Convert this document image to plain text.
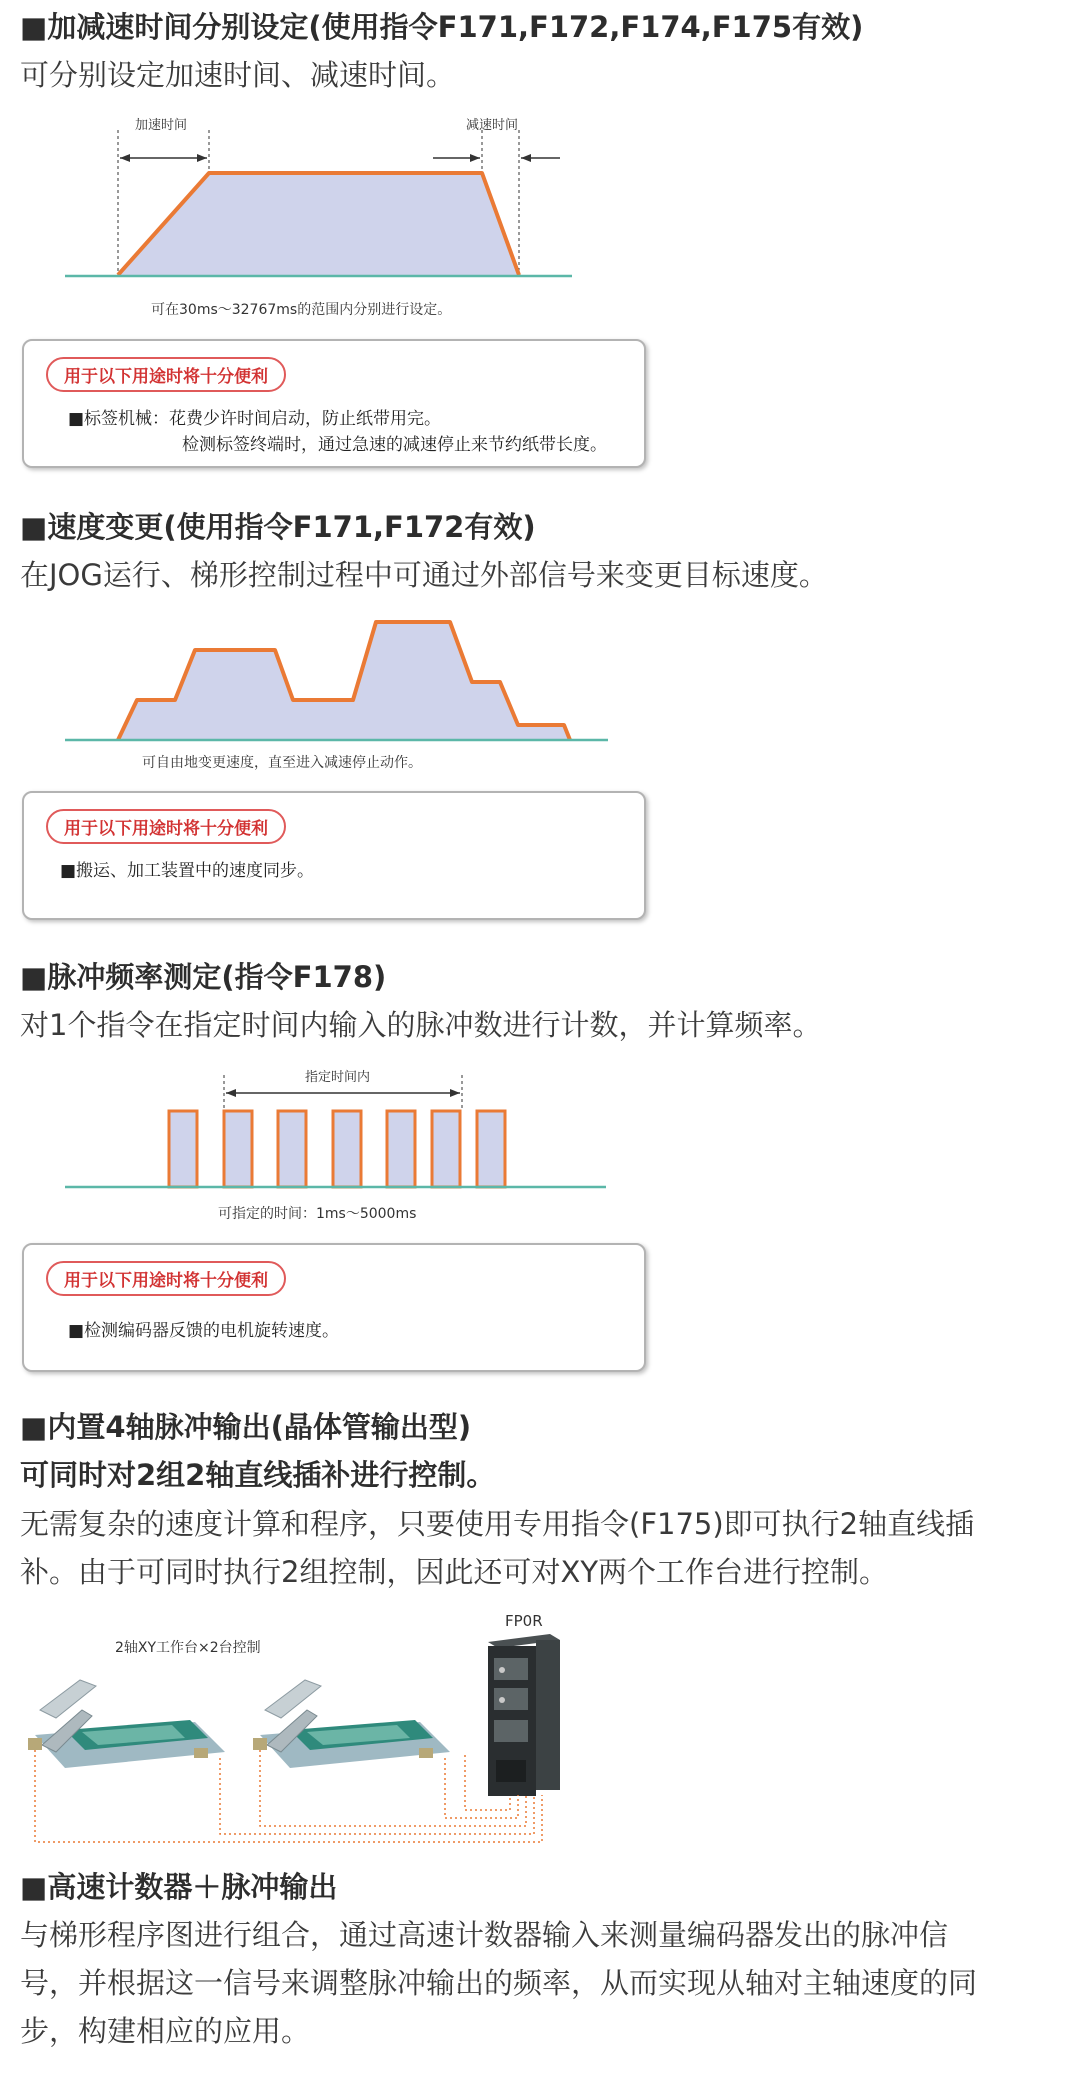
■加减速时间分别设定(使用指令F171,F172,F174,F175有效)
可分别设定加速时间、减速时间。
加速时间	减速时间
可在30ms～32767ms的范围内分别进行设定。
用于以下用途时将十分便利
■标签机械：花费少许时间启动，防止纸带用完。
检测标签终端时，通过急速的减速停止来节约纸带长度。
■速度变更(使用指令F171,F172有效)
在JOG运行、梯形控制过程中可通过外部信号来变更目标速度。
可自由地变更速度，直至进入减速停止动作。
用于以下用途时将十分便利
■搬运、加工装置中的速度同步。
■脉冲频率测定(指令F178)
对1个指令在指定时间内输入的脉冲数进行计数，并计算频率。
指定时间内
可指定的时间：1ms～5000ms
用于以下用途时将十分便利
■检测编码器反馈的电机旋转速度。
■内置4轴脉冲输出(晶体管输出型)
可同时对2组2轴直线插补进行控制。
无需复杂的速度计算和程序，只要使用专用指令(F175)即可执行2轴直线插
补。由于可同时执行2组控制，因此还可对XY两个工作台进行控制。
2轴XY工作台×2台控制
FP0R
■高速计数器＋脉冲输出
与梯形程序图进行组合，通过高速计数器输入来测量编码器发出的脉冲信
号，并根据这一信号来调整脉冲输出的频率，从而实现从轴对主轴速度的同
步，构建相应的应用。
